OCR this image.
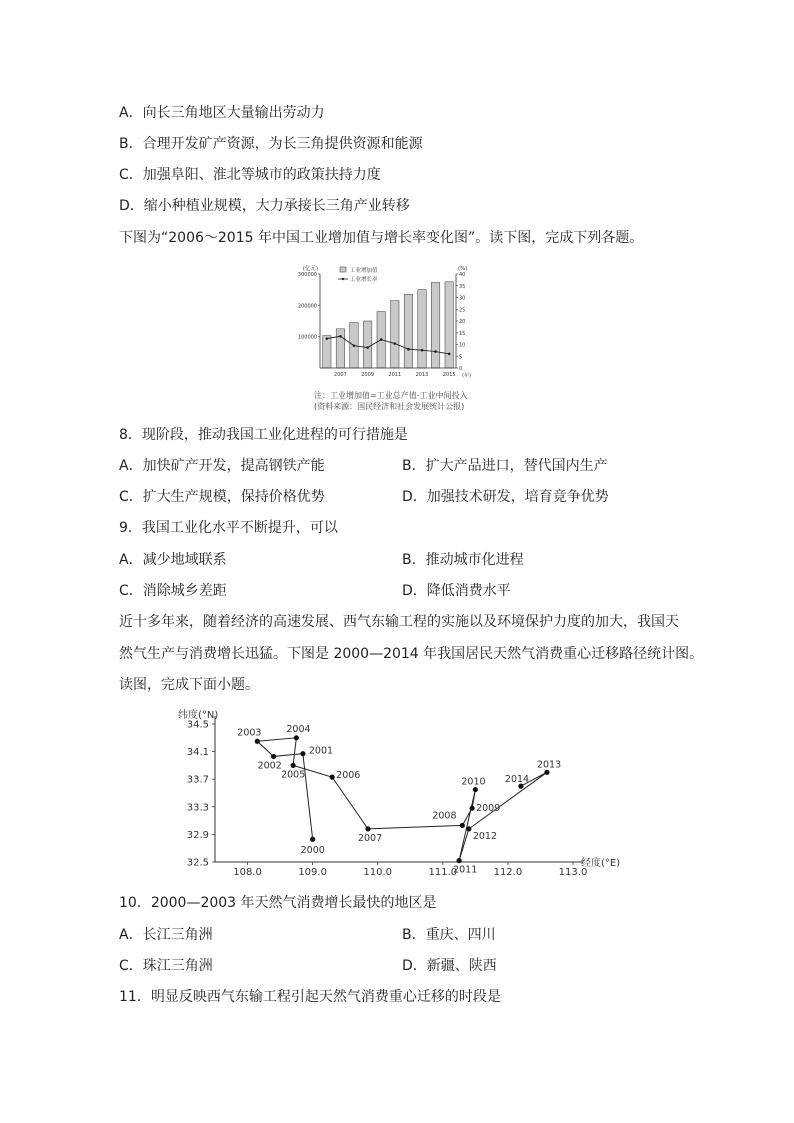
A．向长三角地区大量输出劳动力
B．合理开发矿产资源，为长三角提供资源和能源
C．加强阜阳、淮北等城市的政策扶持力度
D．缩小种植业规模，大力承接长三角产业转移
下图为“2006～2015 年中国工业增加值与增长率变化图”。读下图，完成下列各题。
(亿元)	(%)
(年)
100000
200000
300000
0
5
10
15
20
25
30
35
40
2007	2009	2011	2013	2015
工业增加值
工业增长率
注：工业增加值=工业总产值-工业中间投入
(资料来源：国民经济和社会发展统计公报)
8．现阶段，推动我国工业化进程的可行措施是
A．加快矿产开发，提高钢铁产能	B．扩大产品进口，替代国内生产
C．扩大生产规模，保持价格优势	D．加强技术研发，培育竞争优势
9．我国工业化水平不断提升，可以
A．减少地域联系	B．推动城市化进程
C．消除城乡差距	D．降低消费水平
近十多年来，随着经济的高速发展、西气东输工程的实施以及环境保护力度的加大，我国天
然气生产与消费增长迅猛。下图是 2000—2014 年我国居民天然气消费重心迁移路径统计图。
读图，完成下面小题。
纬度(°N)
经度(°E)
32.5
32.9
33.3
33.7
34.1
34.5
108.0	109.0	110.0	111.0	112.0	113.0
2000
2001
2002
2003	2004
2005	2006
2007
2008
2009
2010
2011
2012
2013
2014
10．2000—2003 年天然气消费增长最快的地区是
A．长江三角洲	B．重庆、四川
C．珠江三角洲	D．新疆、陕西
11．明显反映西气东输工程引起天然气消费重心迁移的时段是
